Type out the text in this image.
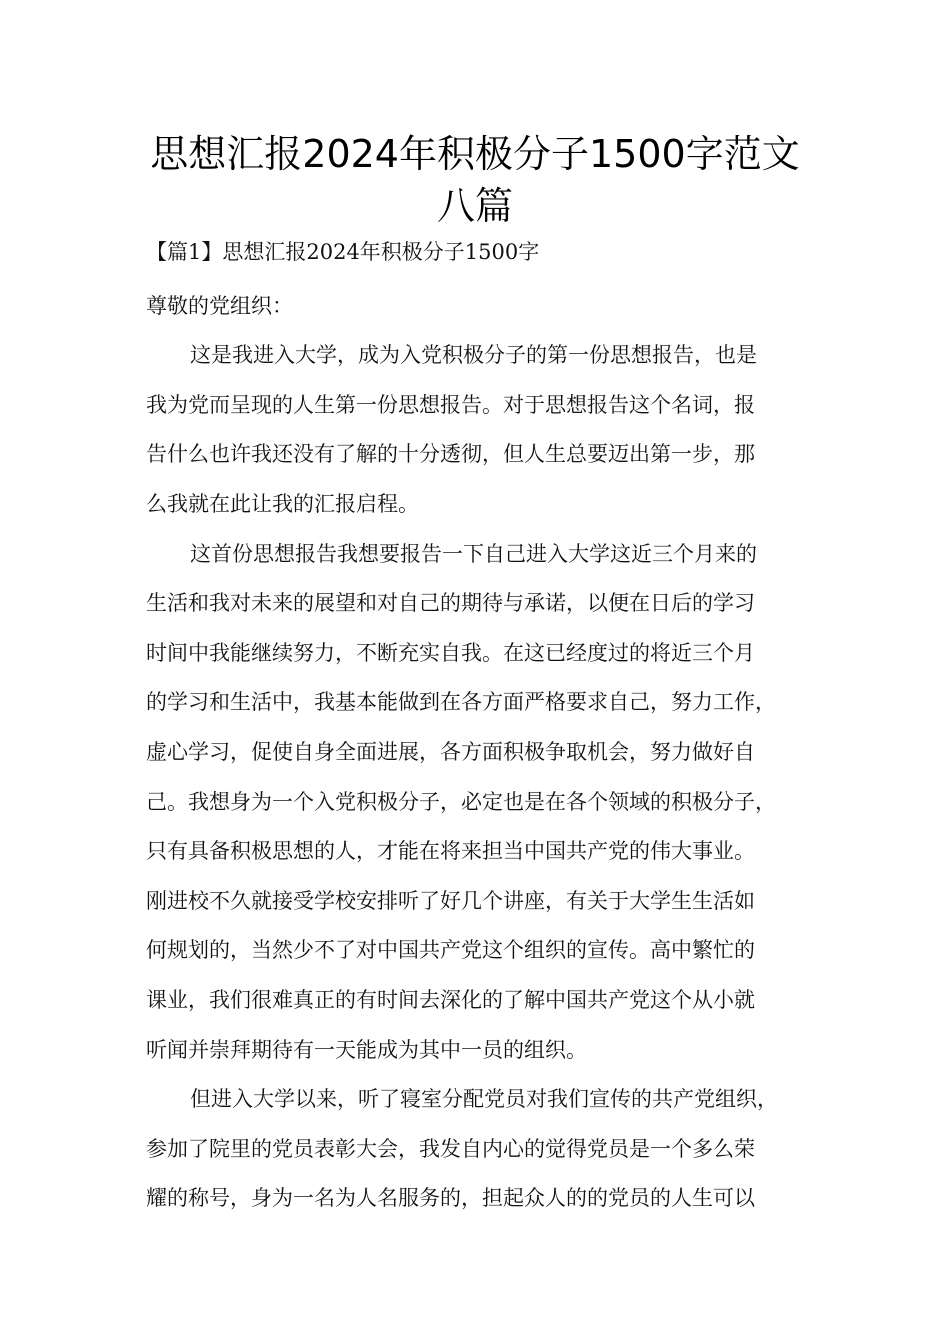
思想汇报2024年积极分子1500字范文
八篇
【篇1】思想汇报2024年积极分子1500字
尊敬的党组织：
这是我进入大学，成为入党积极分子的第一份思想报告，也是
我为党而呈现的人生第一份思想报告。对于思想报告这个名词，报
告什么也许我还没有了解的十分透彻，但人生总要迈出第一步，那
么我就在此让我的汇报启程。
这首份思想报告我想要报告一下自己进入大学这近三个月来的
生活和我对未来的展望和对自己的期待与承诺，以便在日后的学习
时间中我能继续努力，不断充实自我。在这已经度过的将近三个月
的学习和生活中，我基本能做到在各方面严格要求自己，努力工作，
虚心学习，促使自身全面进展，各方面积极争取机会，努力做好自
己。我想身为一个入党积极分子，必定也是在各个领域的积极分子，
只有具备积极思想的人，才能在将来担当中国共产党的伟大事业。
刚进校不久就接受学校安排听了好几个讲座，有关于大学生生活如
何规划的，当然少不了对中国共产党这个组织的宣传。高中繁忙的
课业，我们很难真正的有时间去深化的了解中国共产党这个从小就
听闻并崇拜期待有一天能成为其中一员的组织。
但进入大学以来，听了寝室分配党员对我们宣传的共产党组织，
参加了院里的党员表彰大会，我发自内心的觉得党员是一个多么荣
耀的称号，身为一名为人名服务的，担起众人的的党员的人生可以
